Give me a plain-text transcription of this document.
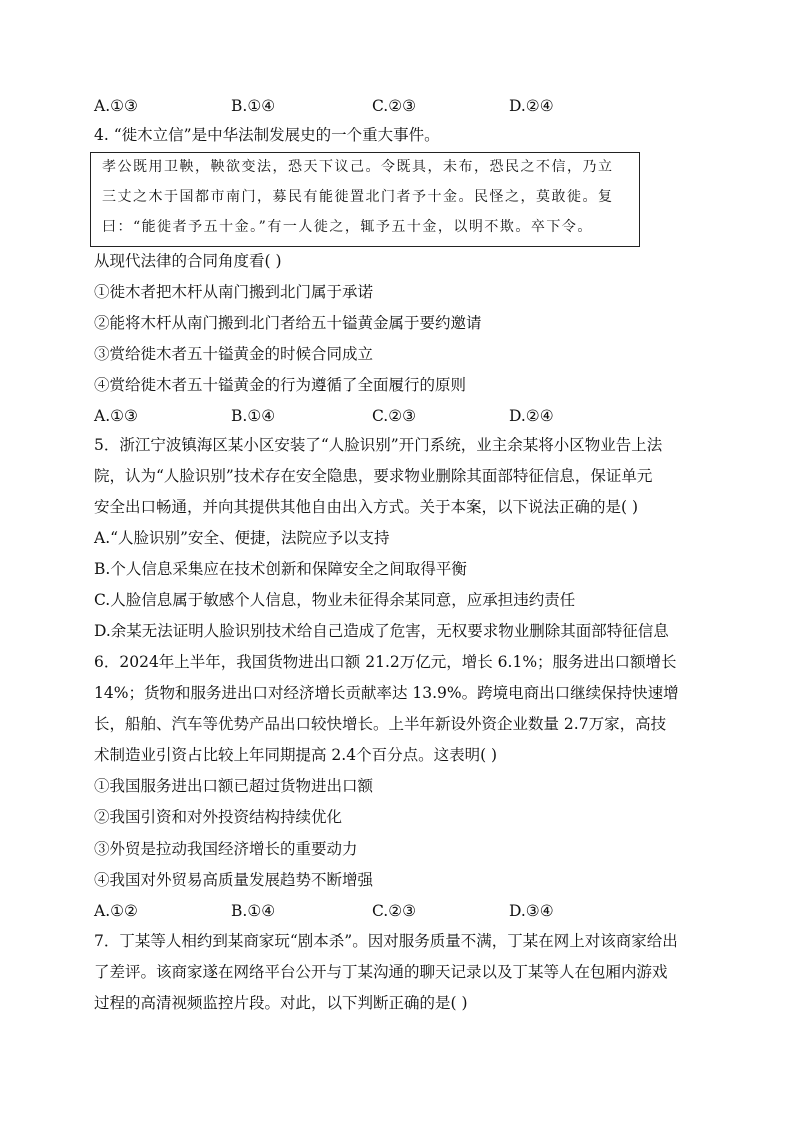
A.①③	B.①④	C.②③	D.②④
4. “徙木立信”是中华法制发展史的一个重大事件。
孝公既用卫鞅，鞅欲变法，恐天下议己。令既具，未布，恐民之不信，乃立
三丈之木于国都市南门，募民有能徙置北门者予十金。民怪之，莫敢徙。复
曰：“能徙者予五十金。”有一人徙之，辄予五十金，以明不欺。卒下令。
从现代法律的合同角度看( )
①徙木者把木杆从南门搬到北门属于承诺
②能将木杆从南门搬到北门者给五十镒黄金属于要约邀请
③赏给徙木者五十镒黄金的时候合同成立
④赏给徙木者五十镒黄金的行为遵循了全面履行的原则
A.①③	B.①④	C.②③	D.②④
5．浙江宁波镇海区某小区安装了“人脸识别”开门系统，业主余某将小区物业告上法
院，认为“人脸识别”技术存在安全隐患，要求物业删除其面部特征信息，保证单元
安全出口畅通，并向其提供其他自由出入方式。关于本案，以下说法正确的是( )
A.“人脸识别”安全、便捷，法院应予以支持
B.个人信息采集应在技术创新和保障安全之间取得平衡
C.人脸信息属于敏感个人信息，物业未征得余某同意，应承担违约责任
D.余某无法证明人脸识别技术给自己造成了危害，无权要求物业删除其面部特征信息
6．2024年上半年，我国货物进出口额 21.2万亿元，增长 6.1%；服务进出口额增长
14%；货物和服务进出口对经济增长贡献率达 13.9%。跨境电商出口继续保持快速增
长，船舶、汽车等优势产品出口较快增长。上半年新设外资企业数量 2.7万家，高技
术制造业引资占比较上年同期提高 2.4个百分点。这表明( )
①我国服务进出口额已超过货物进出口额
②我国引资和对外投资结构持续优化
③外贸是拉动我国经济增长的重要动力
④我国对外贸易高质量发展趋势不断增强
A.①②	B.①④	C.②③	D.③④
7．丁某等人相约到某商家玩“剧本杀”。因对服务质量不满，丁某在网上对该商家给出
了差评。该商家遂在网络平台公开与丁某沟通的聊天记录以及丁某等人在包厢内游戏
过程的高清视频监控片段。对此，以下判断正确的是( )
